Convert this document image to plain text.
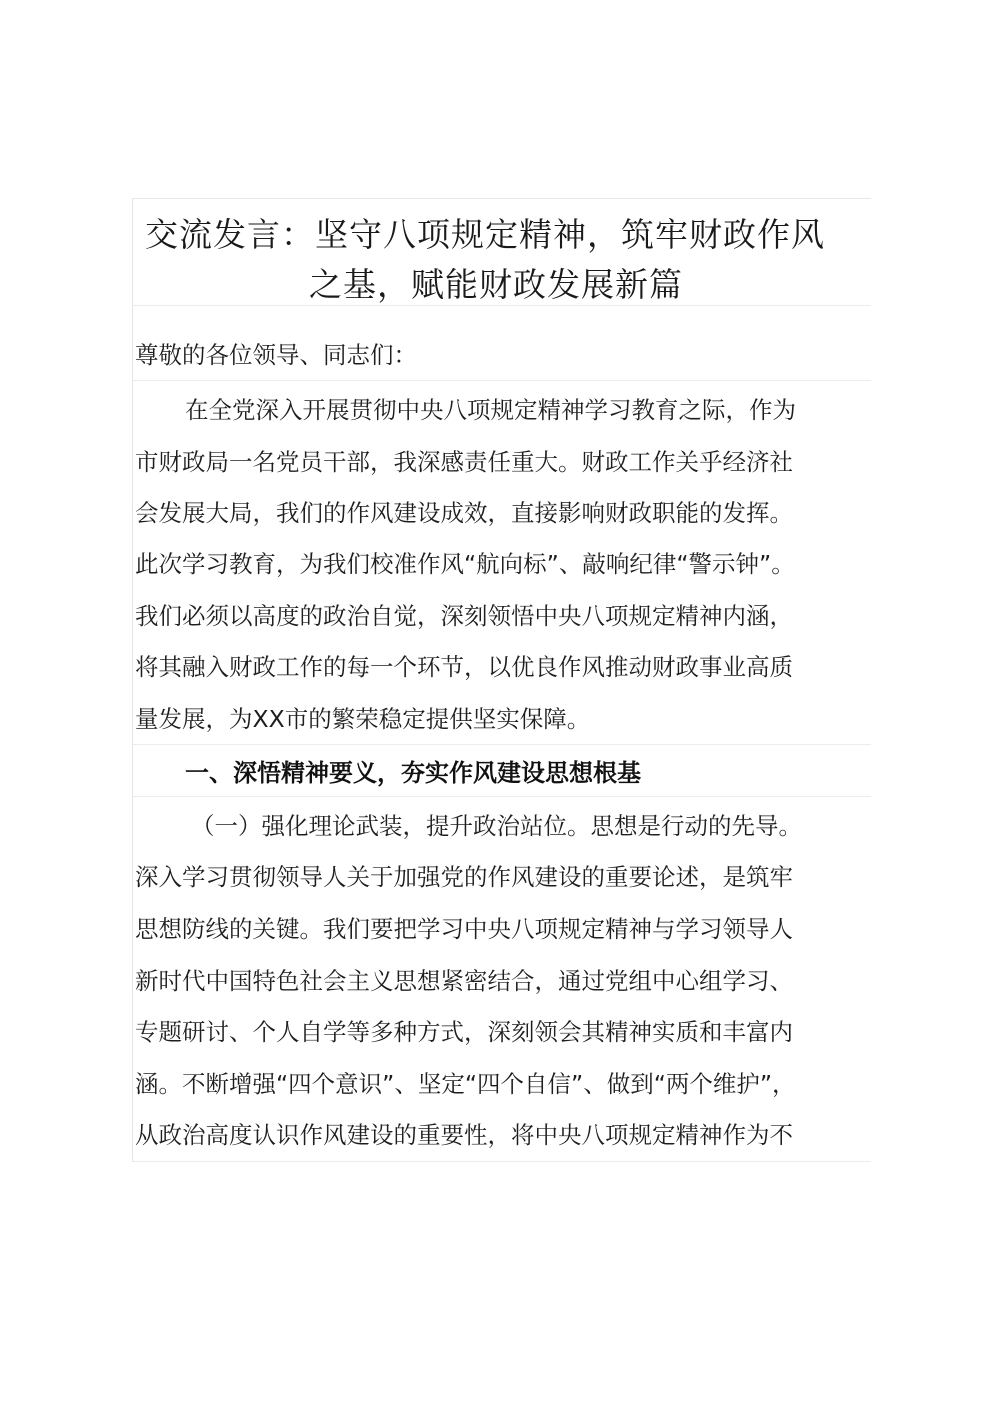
交流发言：坚守八项规定精神，筑牢财政作风
之基，赋能财政发展新篇
尊敬的各位领导、同志们：
在全党深入开展贯彻中央八项规定精神学习教育之际，作为
市财政局一名党员干部，我深感责任重大。财政工作关乎经济社
会发展大局，我们的作风建设成效，直接影响财政职能的发挥。
此次学习教育，为我们校准作风“航向标”、敲响纪律“警示钟”。
我们必须以高度的政治自觉，深刻领悟中央八项规定精神内涵，
将其融入财政工作的每一个环节，以优良作风推动财政事业高质
量发展，为XX市的繁荣稳定提供坚实保障。
一、深悟精神要义，夯实作风建设思想根基
（一）强化理论武装，提升政治站位。思想是行动的先导。
深入学习贯彻领导人关于加强党的作风建设的重要论述，是筑牢
思想防线的关键。我们要把学习中央八项规定精神与学习领导人
新时代中国特色社会主义思想紧密结合，通过党组中心组学习、
专题研讨、个人自学等多种方式，深刻领会其精神实质和丰富内
涵。不断增强“四个意识”、坚定“四个自信”、做到“两个维护”，
从政治高度认识作风建设的重要性，将中央八项规定精神作为不
